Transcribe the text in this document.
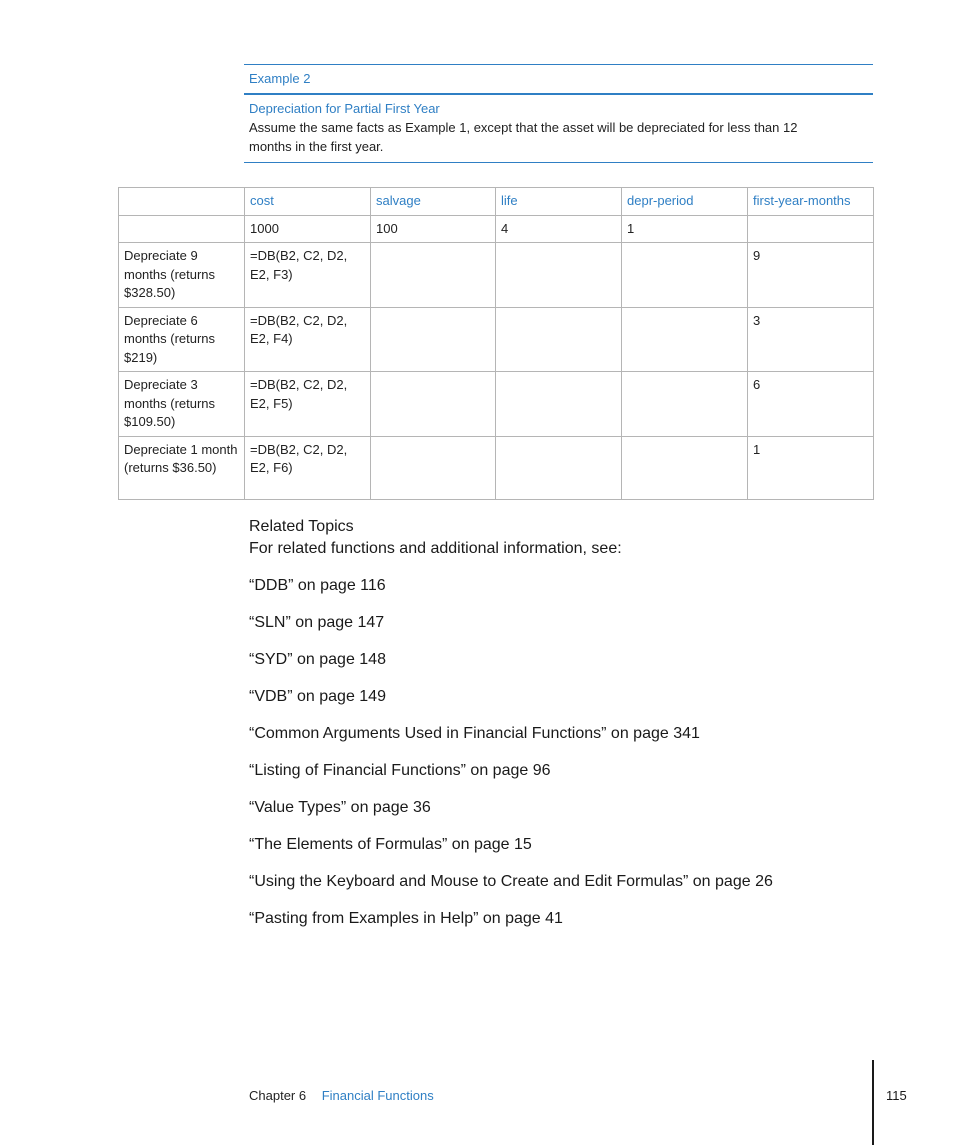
Example 2
Depreciation for Partial First Year
Assume the same facts as Example 1, except that the asset will be depreciated for less than 12 months in the first year.
	cost	salvage	life	depr-period	first-year-months
	1000	100	4	1	
Depreciate 9 months (returns $328.50)	=DB(B2, C2, D2, E2, F3)				9
Depreciate 6 months (returns $219)	=DB(B2, C2, D2, E2, F4)				3
Depreciate 3 months (returns $109.50)	=DB(B2, C2, D2, E2, F5)				6
Depreciate 1 month (returns $36.50)	=DB(B2, C2, D2, E2, F6)				1
Related Topics

For related functions and additional information, see:

“DDB” on page 116
“SLN” on page 147
“SYD” on page 148
“VDB” on page 149
“Common Arguments Used in Financial Functions” on page 341
“Listing of Financial Functions” on page 96
“Value Types” on page 36
“The Elements of Formulas” on page 15
“Using the Keyboard and Mouse to Create and Edit Formulas” on page 26
“Pasting from Examples in Help” on page 41
Chapter 6 Financial Functions	115
